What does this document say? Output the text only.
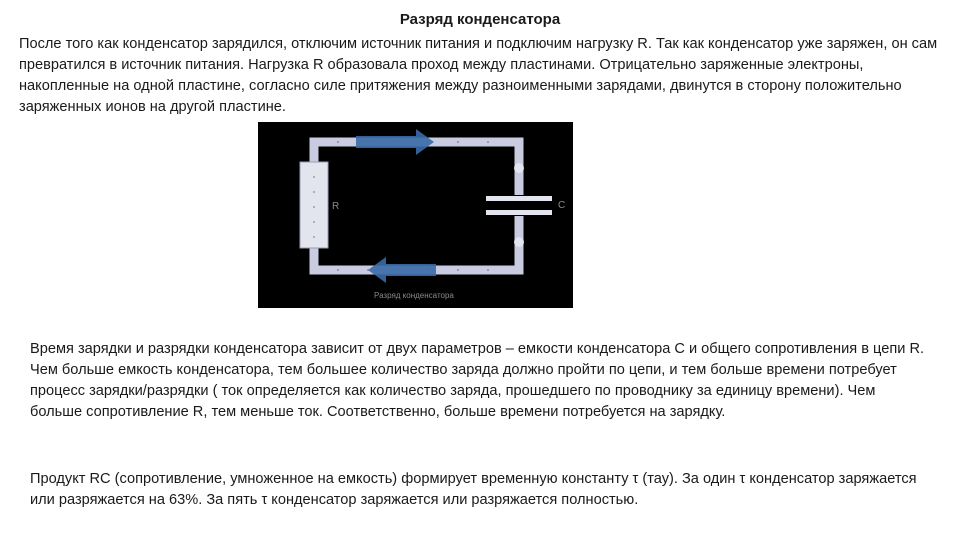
Разряд конденсатора

После того как конденсатор зарядился, отключим источник питания и подключим нагрузку R. Так как конденсатор уже заряжен, он сам превратился в источник питания. Нагрузка R образовала проход между пластинами. Отрицательно заряженные электроны, накопленные на одной пластине, согласно силе притяжения между разноименными зарядами, двинутся в сторону положительно заряженных ионов на другой пластине.

R	C
Разряд конденсатора

Время зарядки и разрядки конденсатора зависит от двух параметров – емкости конденсатора C и общего сопротивления в цепи R. Чем больше емкость конденсатора, тем большее количество заряда должно пройти по цепи, и тем больше времени потребует процесс зарядки/разрядки ( ток определяется как количество заряда, прошедшего по проводнику за единицу времени). Чем больше сопротивление R, тем меньше ток. Соответственно, больше времени потребуется на зарядку.

Продукт RC (сопротивление, умноженное на емкость) формирует временную константу τ (тау). За один τ конденсатор заряжается или разряжается на 63%. За пять τ конденсатор заряжается или разряжается полностью.
